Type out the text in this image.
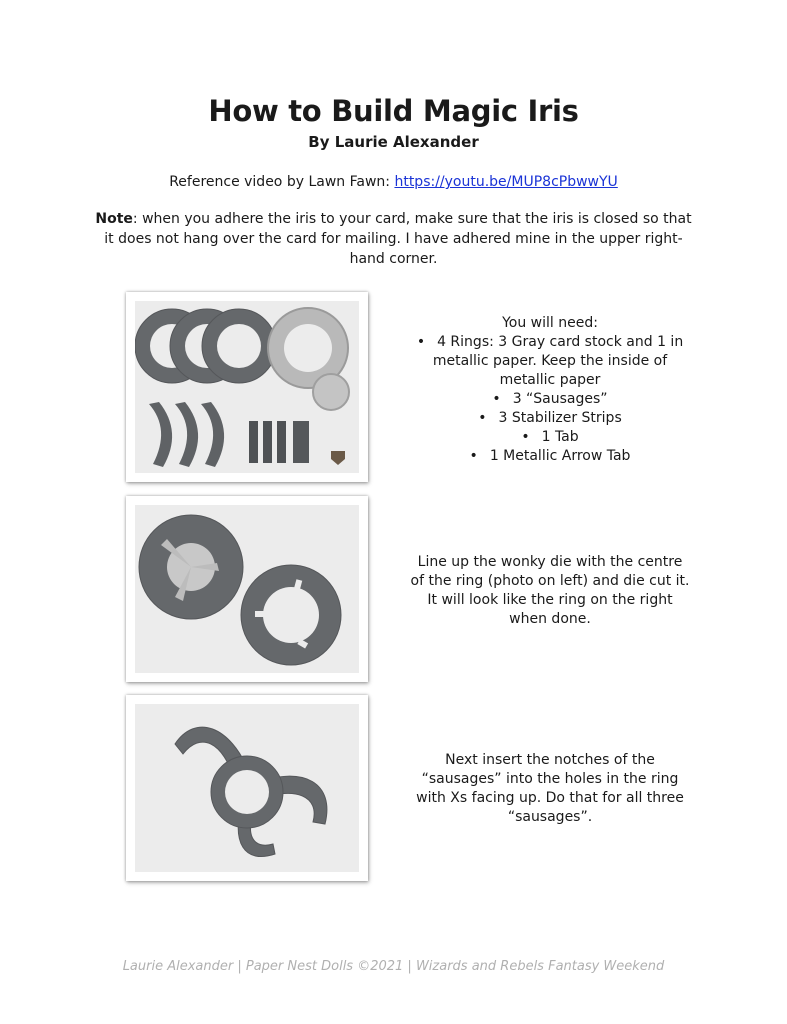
How to Build Magic Iris
By Laurie Alexander
Reference video by Lawn Fawn: https://youtu.be/MUP8cPbwwYU
Note: when you adhere the iris to your card, make sure that the iris is closed so that it does not hang over the card for mailing. I have adhered mine in the upper right-hand corner.
You will need:
• 4 Rings: 3 Gray card stock and 1 in metallic paper. Keep the inside of metallic paper
• 3 “Sausages”
• 3 Stabilizer Strips
• 1 Tab
• 1 Metallic Arrow Tab
Line up the wonky die with the centre of the ring (photo on left) and die cut it. It will look like the ring on the right when done.
Next insert the notches of the “sausages” into the holes in the ring with Xs facing up. Do that for all three “sausages”.
Laurie Alexander | Paper Nest Dolls ©2021 | Wizards and Rebels Fantasy Weekend
